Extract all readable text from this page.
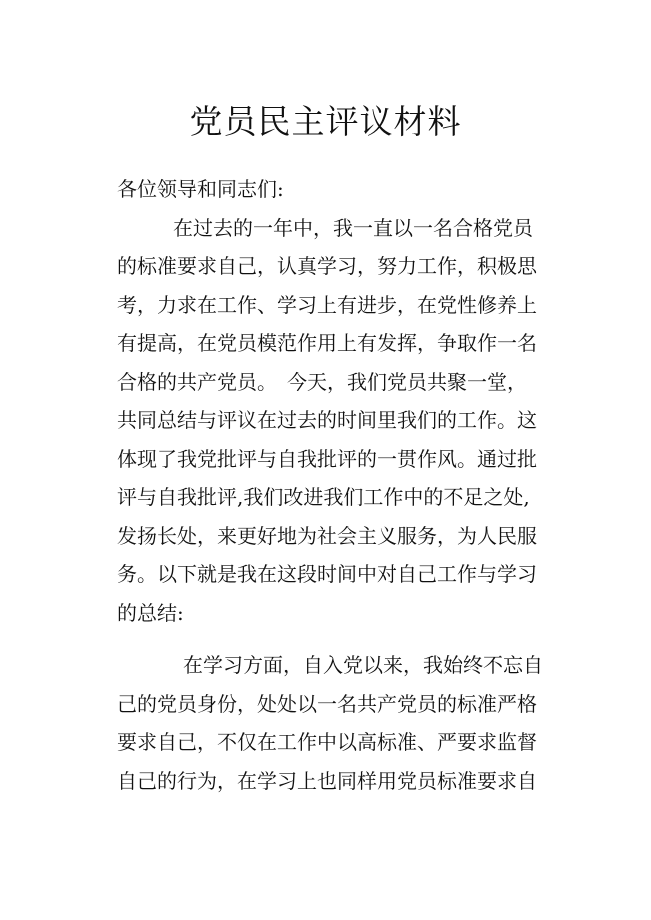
党员民主评议材料
各位领导和同志们:
在过去的一年中，我一直以一名合格党员
的标准要求自己，认真学习，努力工作，积极思
考，力求在工作、学习上有进步，在党性修养上
有提高，在党员模范作用上有发挥，争取作一名
合格的共产党员。　今天，我们党员共聚一堂，
共同总结与评议在过去的时间里我们的工作。这
体现了我党批评与自我批评的一贯作风。通过批
评与自我批评,我们改进我们工作中的不足之处,
发扬长处，来更好地为社会主义服务，为人民服
务。以下就是我在这段时间中对自己工作与学习
的总结:
在学习方面，自入党以来，我始终不忘自
己的党员身份，处处以一名共产党员的标准严格
要求自己，不仅在工作中以高标准、严要求监督
自己的行为，在学习上也同样用党员标准要求自
